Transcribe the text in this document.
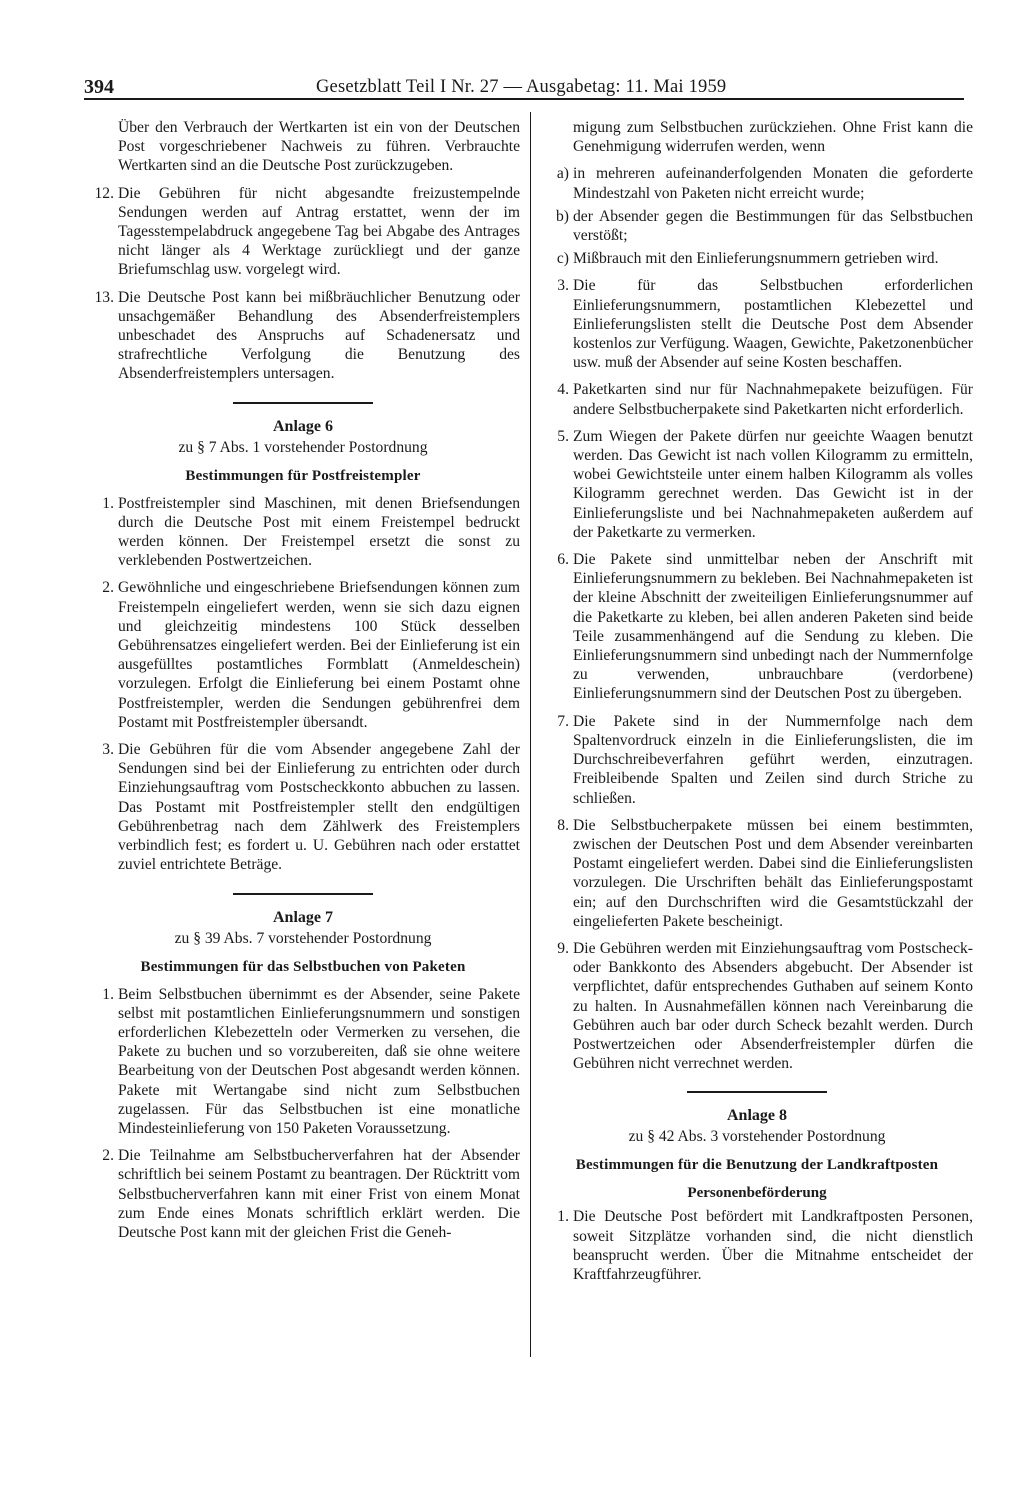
394	Gesetzblatt Teil I Nr. 27 — Ausgabetag: 11. Mai 1959

Über den Verbrauch der Wertkarten ist ein von der Deutschen Post vorgeschriebener Nachweis zu führen. Verbrauchte Wertkarten sind an die Deutsche Post zurückzugeben.

12. Die Gebühren für nicht abgesandte freizustempelnde Sendungen werden auf Antrag erstattet, wenn der im Tagesstempelabdruck angegebene Tag bei Abgabe des Antrages nicht länger als 4 Werktage zurückliegt und der ganze Briefumschlag usw. vorgelegt wird.
13. Die Deutsche Post kann bei mißbräuchlicher Benutzung oder unsachgemäßer Behandlung des Absenderfreistemplers unbeschadet des Anspruchs auf Schadenersatz und strafrechtliche Verfolgung die Benutzung des Absenderfreistemplers untersagen.

Anlage 6

zu § 7 Abs. 1 vorstehender Postordnung

Bestimmungen für Postfreistempler

1. Postfreistempler sind Maschinen, mit denen Briefsendungen durch die Deutsche Post mit einem Freistempel bedruckt werden können. Der Freistempel ersetzt die sonst zu verklebenden Postwertzeichen.
2. Gewöhnliche und eingeschriebene Briefsendungen können zum Freistempeln eingeliefert werden, wenn sie sich dazu eignen und gleichzeitig mindestens 100 Stück desselben Gebührensatzes eingeliefert werden. Bei der Einlieferung ist ein ausgefülltes postamtliches Formblatt (Anmeldeschein) vorzulegen. Erfolgt die Einlieferung bei einem Postamt ohne Postfreistempler, werden die Sendungen gebührenfrei dem Postamt mit Postfreistempler übersandt.
3. Die Gebühren für die vom Absender angegebene Zahl der Sendungen sind bei der Einlieferung zu entrichten oder durch Einziehungsauftrag vom Postscheckkonto abbuchen zu lassen. Das Postamt mit Postfreistempler stellt den endgültigen Gebührenbetrag nach dem Zählwerk des Freistemplers verbindlich fest; es fordert u. U. Gebühren nach oder erstattet zuviel entrichtete Beträge.

Anlage 7

zu § 39 Abs. 7 vorstehender Postordnung

Bestimmungen für das Selbstbuchen von Paketen

1. Beim Selbstbuchen übernimmt es der Absender, seine Pakete selbst mit postamtlichen Einlieferungsnummern und sonstigen erforderlichen Klebezetteln oder Vermerken zu versehen, die Pakete zu buchen und so vorzubereiten, daß sie ohne weitere Bearbeitung von der Deutschen Post abgesandt werden können. Pakete mit Wertangabe sind nicht zum Selbstbuchen zugelassen. Für das Selbstbuchen ist eine monatliche Mindesteinlieferung von 150 Paketen Voraussetzung.
2. Die Teilnahme am Selbstbucherverfahren hat der Absender schriftlich bei seinem Postamt zu beantragen. Der Rücktritt vom Selbstbucherverfahren kann mit einer Frist von einem Monat zum Ende eines Monats schriftlich erklärt werden. Die Deutsche Post kann mit der gleichen Frist die Geneh-

migung zum Selbstbuchen zurückziehen. Ohne Frist kann die Genehmigung widerrufen werden, wenn

a) in mehreren aufeinanderfolgenden Monaten die geforderte Mindestzahl von Paketen nicht erreicht wurde;
b) der Absender gegen die Bestimmungen für das Selbstbuchen verstößt;
c) Mißbrauch mit den Einlieferungsnummern getrieben wird.
3. Die für das Selbstbuchen erforderlichen Einlieferungsnummern, postamtlichen Klebezettel und Einlieferungslisten stellt die Deutsche Post dem Absender kostenlos zur Verfügung. Waagen, Gewichte, Paketzonenbücher usw. muß der Absender auf seine Kosten beschaffen.
4. Paketkarten sind nur für Nachnahmepakete beizufügen. Für andere Selbstbucherpakete sind Paketkarten nicht erforderlich.
5. Zum Wiegen der Pakete dürfen nur geeichte Waagen benutzt werden. Das Gewicht ist nach vollen Kilogramm zu ermitteln, wobei Gewichtsteile unter einem halben Kilogramm als volles Kilogramm gerechnet werden. Das Gewicht ist in der Einlieferungsliste und bei Nachnahmepaketen außerdem auf der Paketkarte zu vermerken.
6. Die Pakete sind unmittelbar neben der Anschrift mit Einlieferungsnummern zu bekleben. Bei Nachnahmepaketen ist der kleine Abschnitt der zweiteiligen Einlieferungsnummer auf die Paketkarte zu kleben, bei allen anderen Paketen sind beide Teile zusammenhängend auf die Sendung zu kleben. Die Einlieferungsnummern sind unbedingt nach der Nummernfolge zu verwenden, unbrauchbare (verdorbene) Einlieferungsnummern sind der Deutschen Post zu übergeben.
7. Die Pakete sind in der Nummernfolge nach dem Spaltenvordruck einzeln in die Einlieferungslisten, die im Durchschreibeverfahren geführt werden, einzutragen. Freibleibende Spalten und Zeilen sind durch Striche zu schließen.
8. Die Selbstbucherpakete müssen bei einem bestimmten, zwischen der Deutschen Post und dem Absender vereinbarten Postamt eingeliefert werden. Dabei sind die Einlieferungslisten vorzulegen. Die Urschriften behält das Einlieferungspostamt ein; auf den Durchschriften wird die Gesamtstückzahl der eingelieferten Pakete bescheinigt.
9. Die Gebühren werden mit Einziehungsauftrag vom Postscheck- oder Bankkonto des Absenders abgebucht. Der Absender ist verpflichtet, dafür entsprechendes Guthaben auf seinem Konto zu halten. In Ausnahmefällen können nach Vereinbarung die Gebühren auch bar oder durch Scheck bezahlt werden. Durch Postwertzeichen oder Absenderfreistempler dürfen die Gebühren nicht verrechnet werden.

Anlage 8

zu § 42 Abs. 3 vorstehender Postordnung

Bestimmungen für die Benutzung der Landkraftposten

Personenbeförderung

1. Die Deutsche Post befördert mit Landkraftposten Personen, soweit Sitzplätze vorhanden sind, die nicht dienstlich beansprucht werden. Über die Mitnahme entscheidet der Kraftfahrzeugführer.
